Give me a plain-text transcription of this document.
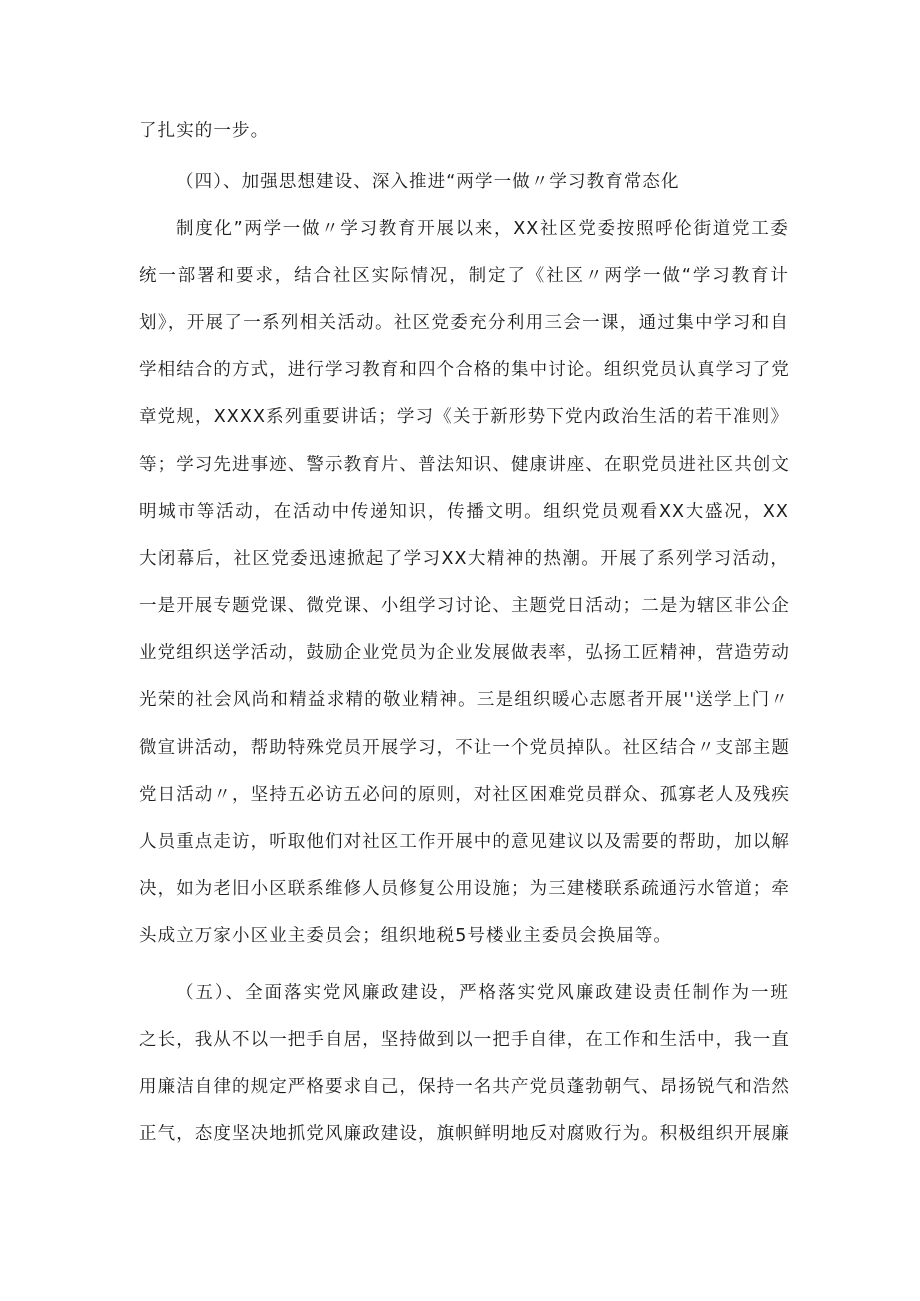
了扎实的一步。
（四）、加强思想建设、深入推进“两学一做〃学习教育常态化
制度化”两学一做〃学习教育开展以来，XX社区党委按照呼伦街道党工委
统一部署和要求，结合社区实际情况，制定了《社区〃两学一做“学习教育计
划》，开展了一系列相关活动。社区党委充分利用三会一课，通过集中学习和自
学相结合的方式，进行学习教育和四个合格的集中讨论。组织党员认真学习了党
章党规，XXXX系列重要讲话；学习《关于新形势下党内政治生活的若干准则》
等；学习先进事迹、警示教育片、普法知识、健康讲座、在职党员进社区共创文
明城市等活动，在活动中传递知识，传播文明。组织党员观看XX大盛况，XX
大闭幕后，社区党委迅速掀起了学习XX大精神的热潮。开展了系列学习活动，
一是开展专题党课、微党课、小组学习讨论、主题党日活动；二是为辖区非公企
业党组织送学活动，鼓励企业党员为企业发展做表率，弘扬工匠精神，营造劳动
光荣的社会风尚和精益求精的敬业精神。三是组织暖心志愿者开展''送学上门〃
微宣讲活动，帮助特殊党员开展学习，不让一个党员掉队。社区结合〃支部主题
党日活动〃，坚持五必访五必问的原则，对社区困难党员群众、孤寡老人及残疾
人员重点走访，听取他们对社区工作开展中的意见建议以及需要的帮助，加以解
决，如为老旧小区联系维修人员修复公用设施；为三建楼联系疏通污水管道；牵
头成立万家小区业主委员会；组织地税5号楼业主委员会换届等。
（五）、全面落实党风廉政建设，严格落实党风廉政建设责任制作为一班
之长，我从不以一把手自居，坚持做到以一把手自律，在工作和生活中，我一直
用廉洁自律的规定严格要求自己，保持一名共产党员蓬勃朝气、昂扬锐气和浩然
正气，态度坚决地抓党风廉政建设，旗帜鲜明地反对腐败行为。积极组织开展廉
